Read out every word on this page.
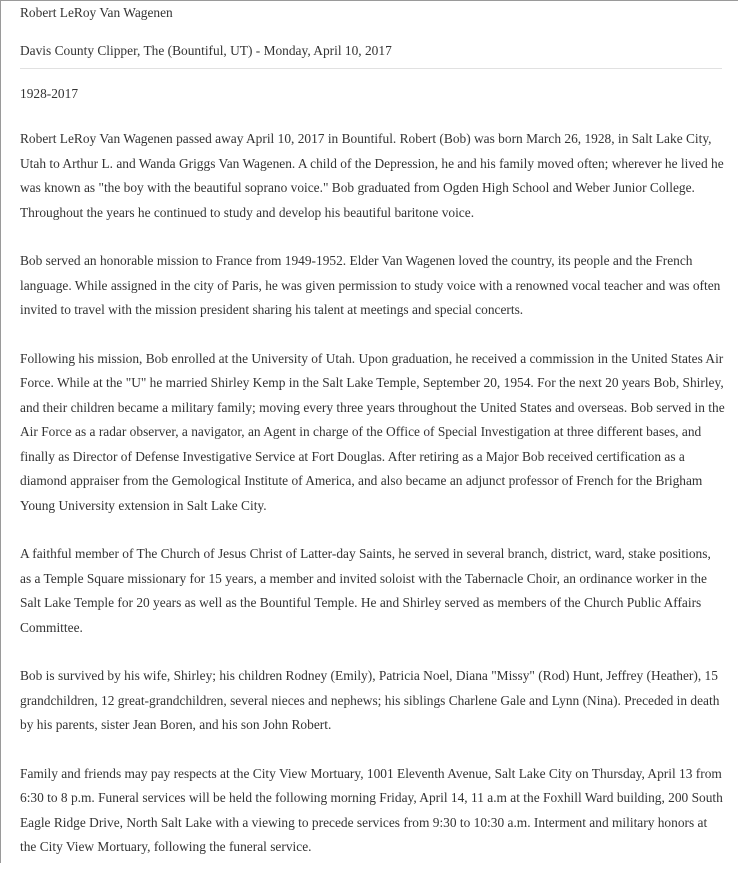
Robert LeRoy Van Wagenen

Davis County Clipper, The (Bountiful, UT) - Monday, April 10, 2017

1928-2017

Robert LeRoy Van Wagenen passed away April 10, 2017 in Bountiful. Robert (Bob) was born March 26, 1928, in Salt Lake City, Utah to Arthur L. and Wanda Griggs Van Wagenen. A child of the Depression, he and his family moved often; wherever he lived he was known as "the boy with the beautiful soprano voice." Bob graduated from Ogden High School and Weber Junior College. Throughout the years he continued to study and develop his beautiful baritone voice.

Bob served an honorable mission to France from 1949-1952. Elder Van Wagenen loved the country, its people and the French language. While assigned in the city of Paris, he was given permission to study voice with a renowned vocal teacher and was often invited to travel with the mission president sharing his talent at meetings and special concerts.

Following his mission, Bob enrolled at the University of Utah. Upon graduation, he received a commission in the United States Air Force. While at the "U" he married Shirley Kemp in the Salt Lake Temple, September 20, 1954. For the next 20 years Bob, Shirley, and their children became a military family; moving every three years throughout the United States and overseas. Bob served in the Air Force as a radar observer, a navigator, an Agent in charge of the Office of Special Investigation at three different bases, and finally as Director of Defense Investigative Service at Fort Douglas. After retiring as a Major Bob received certification as a diamond appraiser from the Gemological Institute of America, and also became an adjunct professor of French for the Brigham Young University extension in Salt Lake City.

A faithful member of The Church of Jesus Christ of Latter-day Saints, he served in several branch, district, ward, stake positions, as a Temple Square missionary for 15 years, a member and invited soloist with the Tabernacle Choir, an ordinance worker in the Salt Lake Temple for 20 years as well as the Bountiful Temple. He and Shirley served as members of the Church Public Affairs Committee.

Bob is survived by his wife, Shirley; his children Rodney (Emily), Patricia Noel, Diana "Missy" (Rod) Hunt, Jeffrey (Heather), 15 grandchildren, 12 great-grandchildren, several nieces and nephews; his siblings Charlene Gale and Lynn (Nina). Preceded in death by his parents, sister Jean Boren, and his son John Robert.

Family and friends may pay respects at the City View Mortuary, 1001 Eleventh Avenue, Salt Lake City on Thursday, April 13 from 6:30 to 8 p.m. Funeral services will be held the following morning Friday, April 14, 11 a.m at the Foxhill Ward building, 200 South Eagle Ridge Drive, North Salt Lake with a viewing to precede services from 9:30 to 10:30 a.m. Interment and military honors at the City View Mortuary, following the funeral service.
